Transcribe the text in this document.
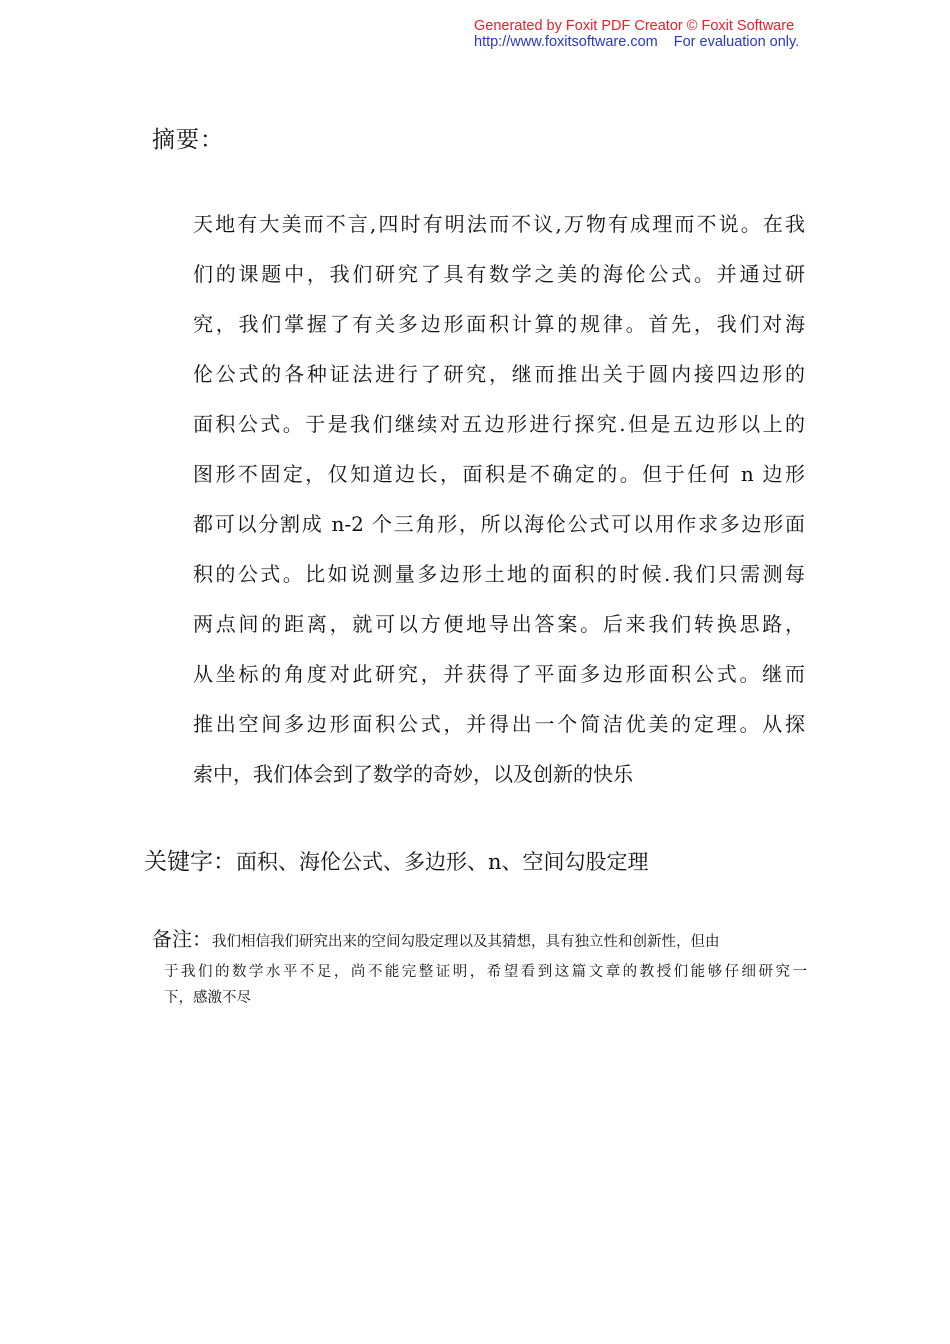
Generated by Foxit PDF Creator © Foxit Software
http://www.foxitsoftware.com For evaluation only.
摘要：
天地有大美而不言,四时有明法而不议,万物有成理而不说。在我
们的课题中，我们研究了具有数学之美的海伦公式。并通过研
究，我们掌握了有关多边形面积计算的规律。首先，我们对海
伦公式的各种证法进行了研究，继而推出关于圆内接四边形的
面积公式。于是我们继续对五边形进行探究.但是五边形以上的
图形不固定，仅知道边长，面积是不确定的。但于任何 n 边形
都可以分割成 n-2 个三角形，所以海伦公式可以用作求多边形面
积的公式。比如说测量多边形土地的面积的时候.我们只需测每
两点间的距离，就可以方便地导出答案。后来我们转换思路，
从坐标的角度对此研究，并获得了平面多边形面积公式。继而
推出空间多边形面积公式，并得出一个简洁优美的定理。从探
索中，我们体会到了数学的奇妙，以及创新的快乐
关键字：面积、海伦公式、多边形、n、空间勾股定理
备注：我们相信我们研究出来的空间勾股定理以及其猜想，具有独立性和创新性，但由
于我们的数学水平不足，尚不能完整证明，希望看到这篇文章的教授们能够仔细研究一
下，感激不尽
